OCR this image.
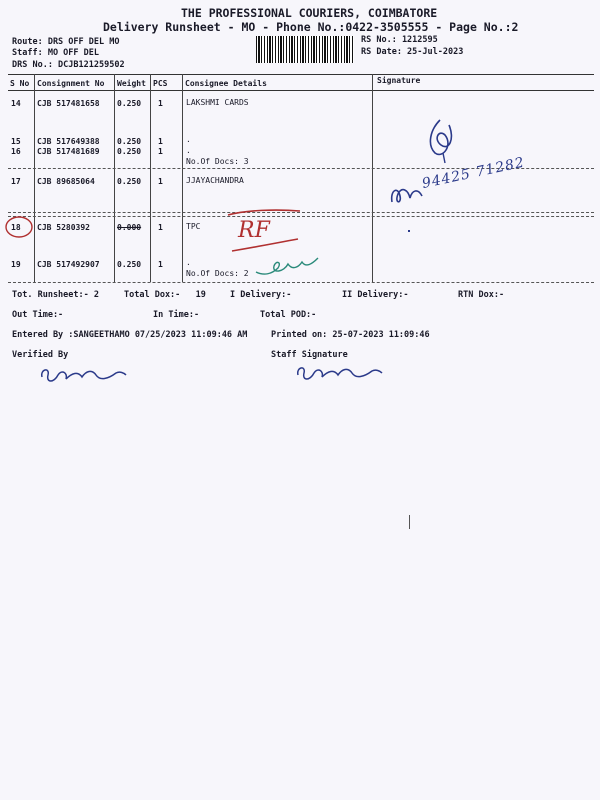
THE PROFESSIONAL COURIERS, COIMBATORE
Delivery Runsheet - MO - Phone No.:0422-3505555 - Page No.:2
Route: DRS OFF DEL MO
Staff: MO OFF DEL
DRS No.: DCJB121259502
RS No.: 1212595
RS Date: 25-Jul-2023
S No Consignment No Weight PCS Consignee Details	Signature
14 CJB 517481658 0.250 1	LAKSHMI CARDS
15 CJB 517649388 0.250 1	.
16 CJB 517481689 0.250 1	.
No.Of Docs: 3
17 CJB 89685064	0.250 1	JJAYACHANDRA
18 CJB 5280392	0.000 1	TPC
19 CJB 517492907 0.250 1	.
No.Of Docs: 2
Tot. Runsheet:- 2	Total Dox:-   19	I Delivery:-	II Delivery:-	RTN Dox:-
Out Time:-	In Time:-	Total POD:-
Entered By :SANGEETHAMO 07/25/2023 11:09:46 AM	Printed on: 25-07-2023 11:09:46
Verified By	Staff Signature
94425 71282
RF
